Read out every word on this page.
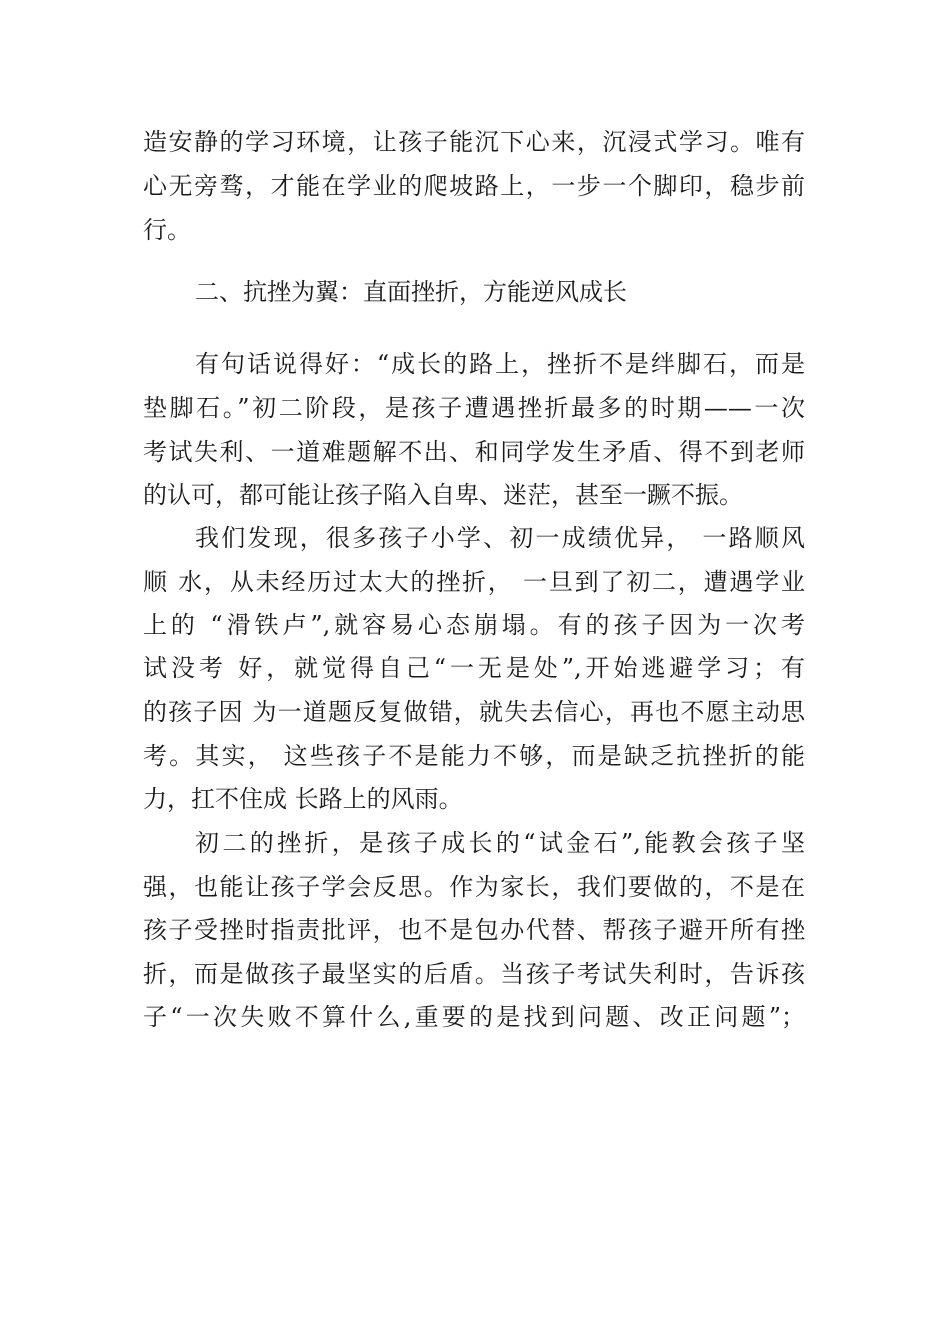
造安静的学习环境，让孩子能沉下心来，沉浸式学习。唯有

心无旁骛，才能在学业的爬坡路上，一步一个脚印，稳步前

行。

二、抗挫为翼：直面挫折，方能逆风成长

有句话说得好：“成长的路上，挫折不是绊脚石，而是

垫脚石。”初二阶段，是孩子遭遇挫折最多的时期——一次

考试失利、一道难题解不出、和同学发生矛盾、得不到老师

的认可，都可能让孩子陷入自卑、迷茫，甚至一蹶不振。

我们发现，很多孩子小学、初一成绩优异， 一路顺风

顺 水，从未经历过太大的挫折， 一旦到了初二，遭遇学业

上的 “滑铁卢”,就容易心态崩塌。有的孩子因为一次考

试没考 好，就觉得自己“一无是处”,开始逃避学习；有

的孩子因 为一道题反复做错，就失去信心，再也不愿主动思

考。其实， 这些孩子不是能力不够，而是缺乏抗挫折的能

力，扛不住成 长路上的风雨。

初二的挫折，是孩子成长的“试金石”,能教会孩子坚

强，也能让孩子学会反思。作为家长，我们要做的，不是在

孩子受挫时指责批评，也不是包办代替、帮孩子避开所有挫

折，而是做孩子最坚实的后盾。当孩子考试失利时，告诉孩

子“一次失败不算什么,重要的是找到问题、改正问题”；
